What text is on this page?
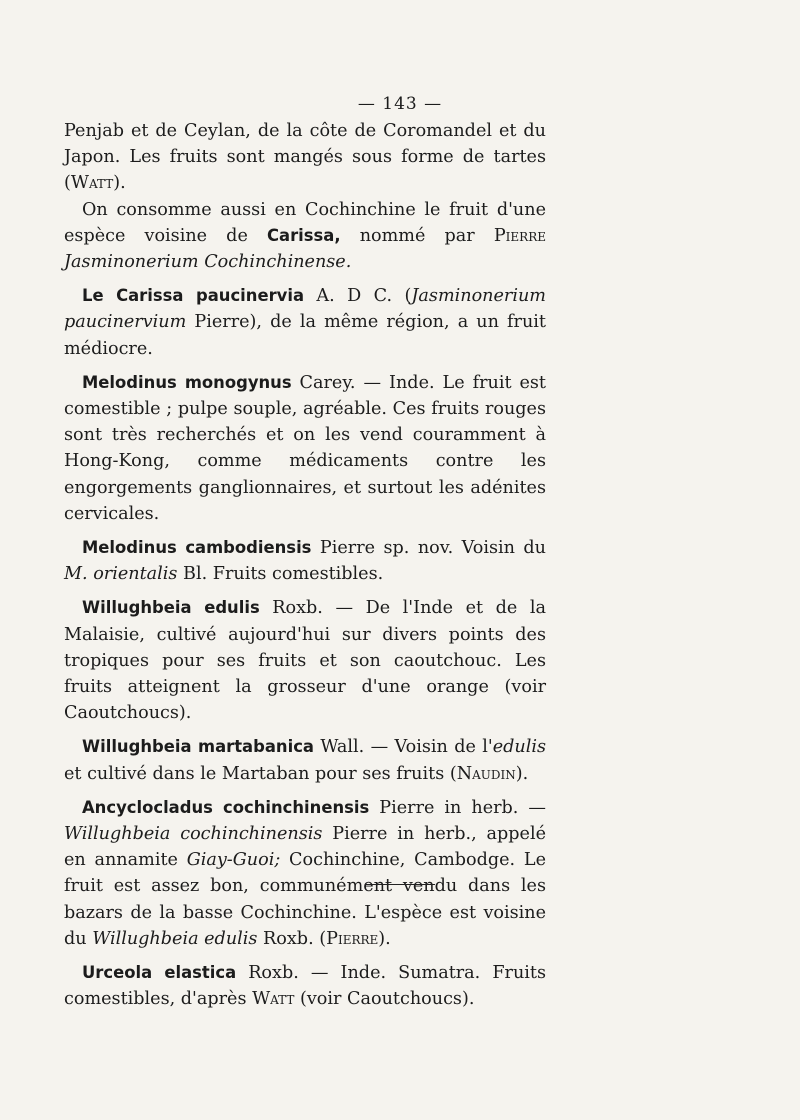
— 143 —

Penjab et de Ceylan, de la côte de Coromandel et du Japon. Les fruits sont mangés sous forme de tartes (Watt).

On consomme aussi en Cochinchine le fruit d'une espèce voisine de Carissa, nommé par Pierre Jasminonerium Cochinchinense.

Le Carissa paucinervia A. D C. (Jasminonerium paucinervium Pierre), de la même région, a un fruit médiocre.

Melodinus monogynus Carey. — Inde. Le fruit est comestible ; pulpe souple, agréable. Ces fruits rouges sont très recherchés et on les vend couramment à Hong-Kong, comme médicaments contre les engorgements ganglionnaires, et surtout les adénites cervicales.

Melodinus cambodiensis Pierre sp. nov. Voisin du M. orientalis Bl. Fruits comestibles.

Willughbeia edulis Roxb. — De l'Inde et de la Malaisie, cultivé aujourd'hui sur divers points des tropiques pour ses fruits et son caoutchouc. Les fruits atteignent la grosseur d'une orange (voir Caoutchoucs).

Willughbeia martabanica Wall. — Voisin de l'edulis et cultivé dans le Martaban pour ses fruits (Naudin).

Ancyclocladus cochinchinensis Pierre in herb. — Willughbeia cochinchinensis Pierre in herb., appelé en annamite Giay-Guoi; Cochinchine, Cambodge. Le fruit est assez bon, communément vendu dans les bazars de la basse Cochinchine. L'espèce est voisine du Willughbeia edulis Roxb. (Pierre).

Urceola elastica Roxb. — Inde. Sumatra. Fruits comestibles, d'après Watt (voir Caoutchoucs).
